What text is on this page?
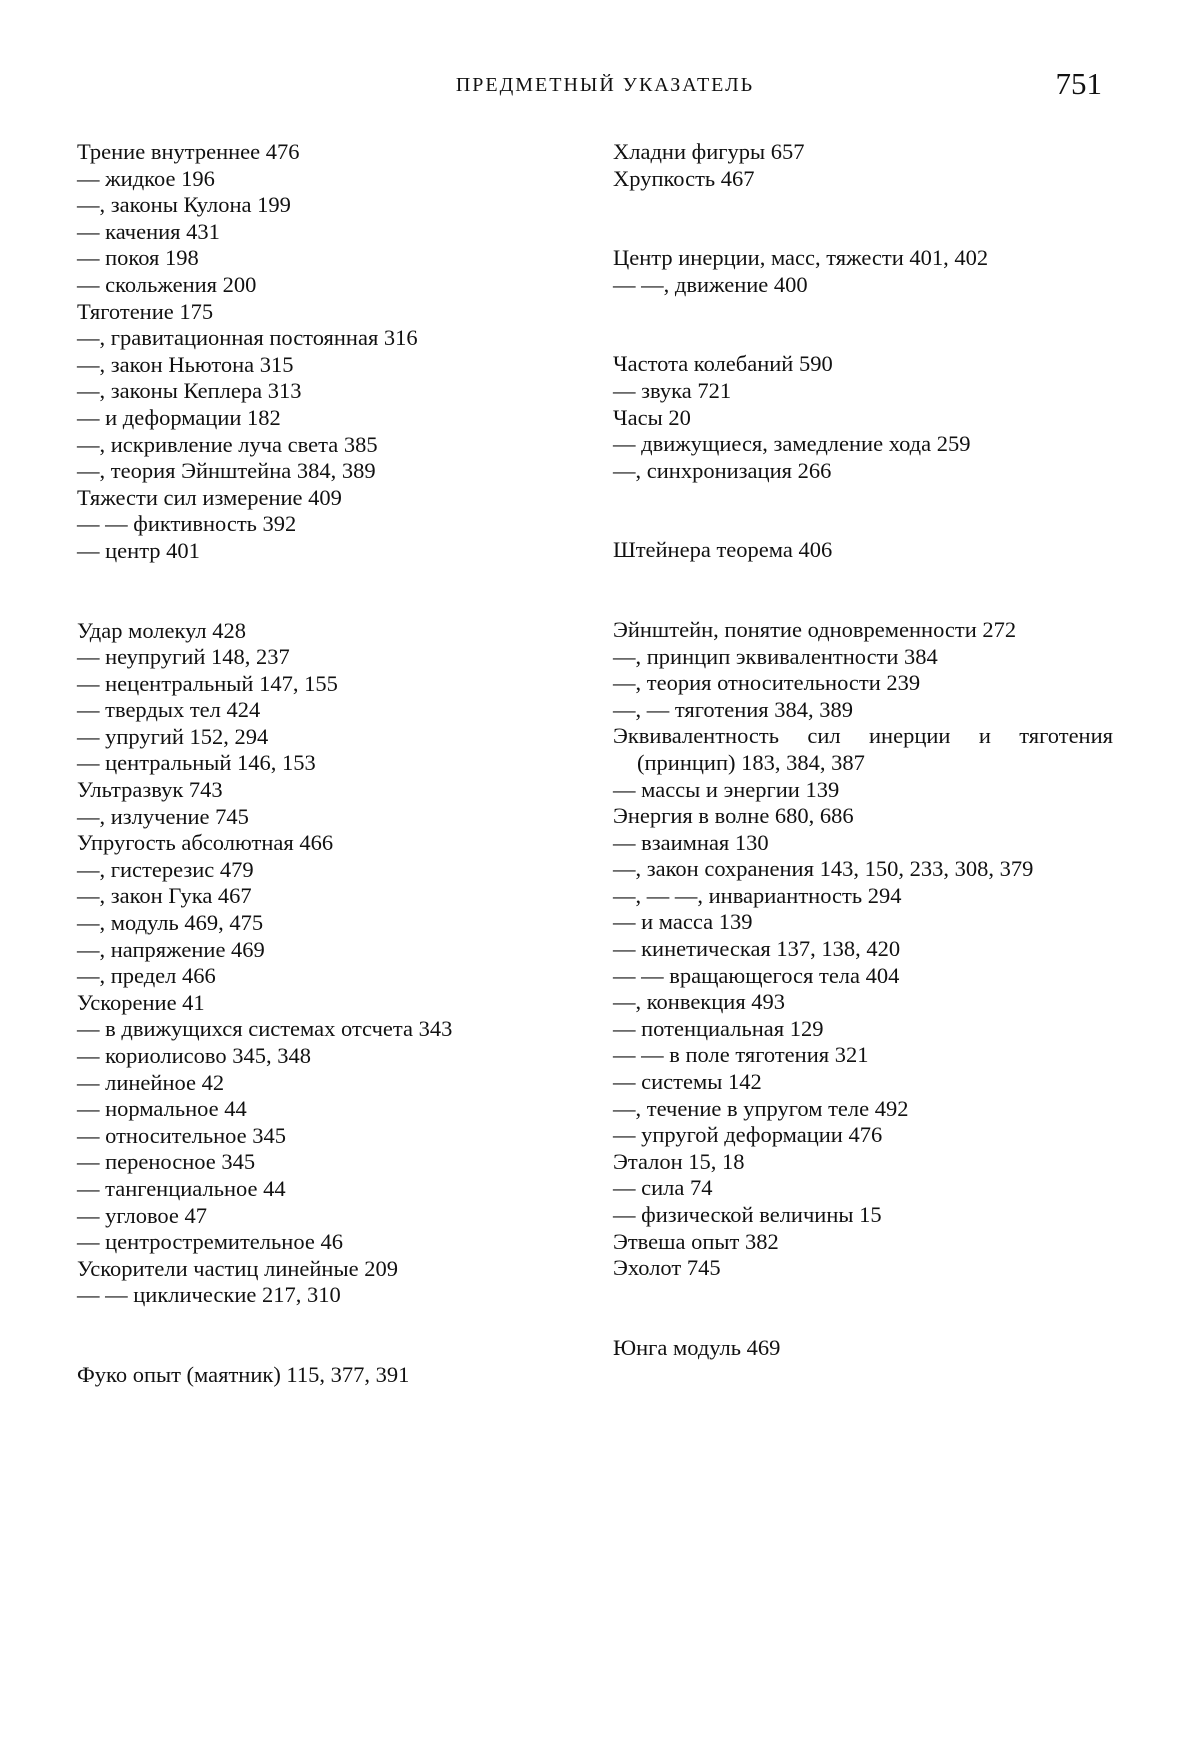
ПРЕДМЕТНЫЙ УКАЗАТЕЛЬ	751
Трение внутреннее 476
— жидкое 196
—, законы Кулона 199
— качения 431
— покоя 198
— скольжения 200
Тяготение 175
—, гравитационная постоянная 316
—, закон Ньютона 315
—, законы Кеплера 313
— и деформации 182
—, искривление луча света 385
—, теория Эйнштейна 384, 389
Тяжести сил измерение 409
— — фиктивность 392
— центр 401
Удар молекул 428
— неупругий 148, 237
— нецентральный 147, 155
— твердых тел 424
— упругий 152, 294
— центральный 146, 153
Ультразвук 743
—, излучение 745
Упругость абсолютная 466
—, гистерезис 479
—, закон Гука 467
—, модуль 469, 475
—, напряжение 469
—, предел 466
Ускорение 41
— в движущихся системах отсчета 343
— кориолисово 345, 348
— линейное 42
— нормальное 44
— относительное 345
— переносное 345
— тангенциальное 44
— угловое 47
— центростремительное 46
Ускорители частиц линейные 209
— — циклические 217, 310
Фуко опыт (маятник) 115, 377, 391
Хладни фигуры 657
Хрупкость 467
Центр инерции, масс, тяжести 401, 402
— —, движение 400
Частота колебаний 590
— звука 721
Часы 20
— движущиеся, замедление хода 259
—, синхронизация 266
Штейнера теорема 406
Эйнштейн, понятие одновременности 272
—, принцип эквивалентности 384
—, теория относительности 239
—, — тяготения 384, 389
Эквивалентность сил инерции и тяготения (принцип) 183, 384, 387
— массы и энергии 139
Энергия в волне 680, 686
— взаимная 130
—, закон сохранения 143, 150, 233, 308, 379
—, — —, инвариантность 294
— и масса 139
— кинетическая 137, 138, 420
— — вращающегося тела 404
—, конвекция 493
— потенциальная 129
— — в поле тяготения 321
— системы 142
—, течение в упругом теле 492
— упругой деформации 476
Эталон 15, 18
— сила 74
— физической величины 15
Этвеша опыт 382
Эхолот 745
Юнга модуль 469
